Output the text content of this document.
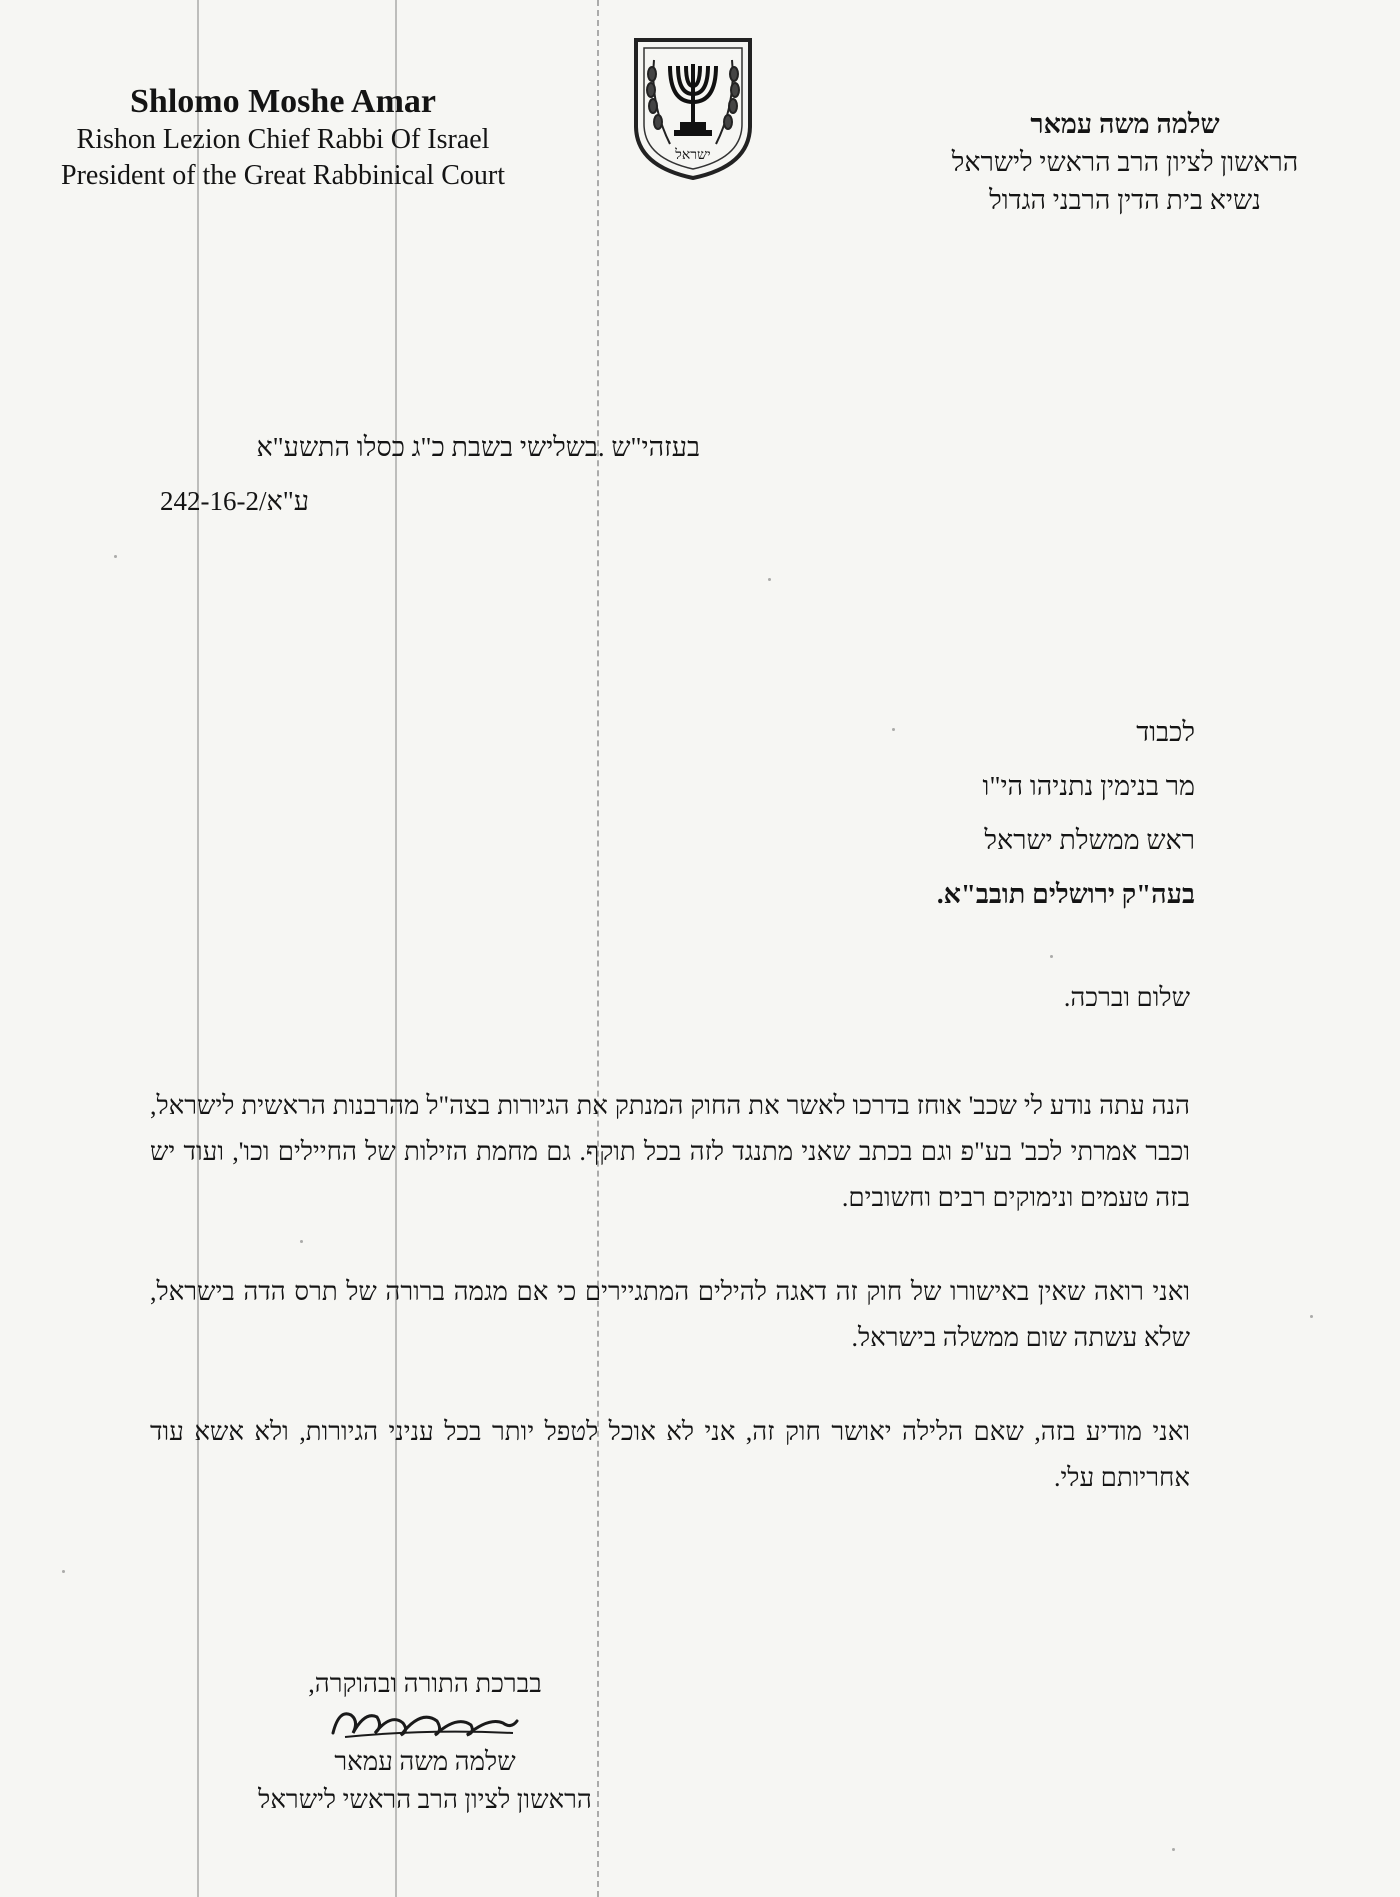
Shlomo Moshe Amar
Rishon Lezion Chief Rabbi Of Israel
President of the Great Rabbinical Court
ישראל
שלמה משה עמאר
הראשון לציון הרב הראשי לישראל
נשיא בית הדין הרבני הגדול
בעזהי"ש .בשלישי בשבת כ"ג כסלו התשע"א
ע"א/242-16-2
לכבוד
מר בנימין נתניהו הי"ו
ראש ממשלת ישראל
בעה"ק ירושלים תובב"א.

שלום וברכה.

הנה עתה נודע לי שכב' אוחז בדרכו לאשר את החוק המנתק את הגיורות בצה"ל מהרבנות הראשית לישראל, וכבר אמרתי לכב' בע"פ וגם בכתב שאני מתנגד לזה בכל תוקף. גם מחמת הזילות של החיילים וכו', ועוד יש בזה טעמים ונימוקים רבים וחשובים.

ואני רואה שאין באישורו של חוק זה דאגה להילים המתגיירים כי אם מגמה ברורה של תרס הדה בישראל, שלא עשתה שום ממשלה בישראל.

ואני מודיע בזה, שאם הלילה יאושר חוק זה, אני לא אוכל לטפל יותר בכל עניני הגיורות, ולא אשא עוד אחריותם עלי.

בברכת התורה ובהוקרה,
שלמה משה עמאר
הראשון לציון הרב הראשי לישראל
